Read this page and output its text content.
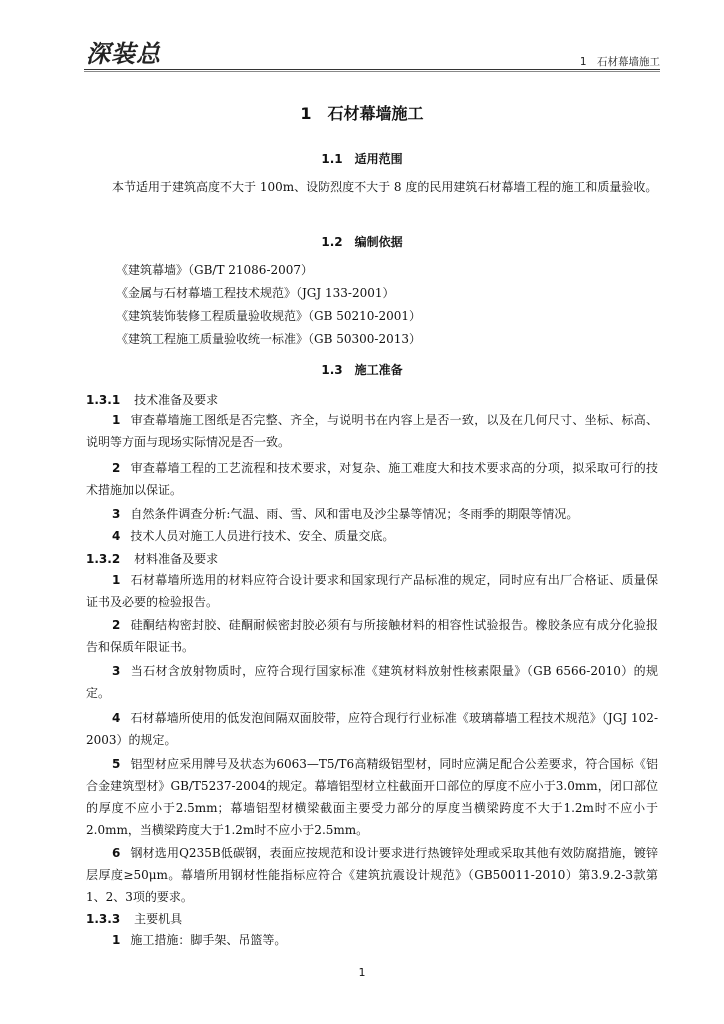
深装总	1　石材幕墙施工
1　石材幕墙施工
1.1　适用范围
本节适用于建筑高度不大于 100m、设防烈度不大于 8 度的民用建筑石材幕墙工程的施工和质量验收。
1.2　编制依据
《建筑幕墙》（GB/T 21086-2007）
《金属与石材幕墙工程技术规范》（JGJ 133-2001）
《建筑装饰装修工程质量验收规范》（GB 50210-2001）
《建筑工程施工质量验收统一标准》（GB 50300-2013）
1.3　施工准备
1.3.1 技术准备及要求
1 审查幕墙施工图纸是否完整、齐全，与说明书在内容上是否一致，以及在几何尺寸、坐标、标高、说明等方面与现场实际情况是否一致。
2 审查幕墙工程的工艺流程和技术要求，对复杂、施工难度大和技术要求高的分项，拟采取可行的技术措施加以保证。
3 自然条件调查分析:气温、雨、雪、风和雷电及沙尘暴等情况；冬雨季的期限等情况。
4 技术人员对施工人员进行技术、安全、质量交底。
1.3.2 材料准备及要求
1 石材幕墙所选用的材料应符合设计要求和国家现行产品标准的规定，同时应有出厂合格证、质量保证书及必要的检验报告。
2 硅酮结构密封胶、硅酮耐候密封胶必须有与所接触材料的相容性试验报告。橡胶条应有成分化验报告和保质年限证书。
3 当石材含放射物质时，应符合现行国家标准《建筑材料放射性核素限量》（GB 6566-2010）的规定。
4 石材幕墙所使用的低发泡间隔双面胶带，应符合现行行业标准《玻璃幕墙工程技术规范》（JGJ 102-2003）的规定。
5 铝型材应采用牌号及状态为6063—T5/T6高精级铝型材，同时应满足配合公差要求，符合国标《铝合金建筑型材》GB/T5237-2004的规定。幕墙铝型材立柱截面开口部位的厚度不应小于3.0mm，闭口部位的厚度不应小于2.5mm；幕墙铝型材横梁截面主要受力部分的厚度当横梁跨度不大于1.2m时不应小于2.0mm，当横梁跨度大于1.2m时不应小于2.5mm。
6 钢材选用Q235B低碳钢，表面应按规范和设计要求进行热镀锌处理或采取其他有效防腐措施，镀锌层厚度≥50μm。幕墙所用钢材性能指标应符合《建筑抗震设计规范》（GB50011-2010）第3.9.2-3款第1、2、3项的要求。
1.3.3 主要机具
1 施工措施：脚手架、吊篮等。
1
